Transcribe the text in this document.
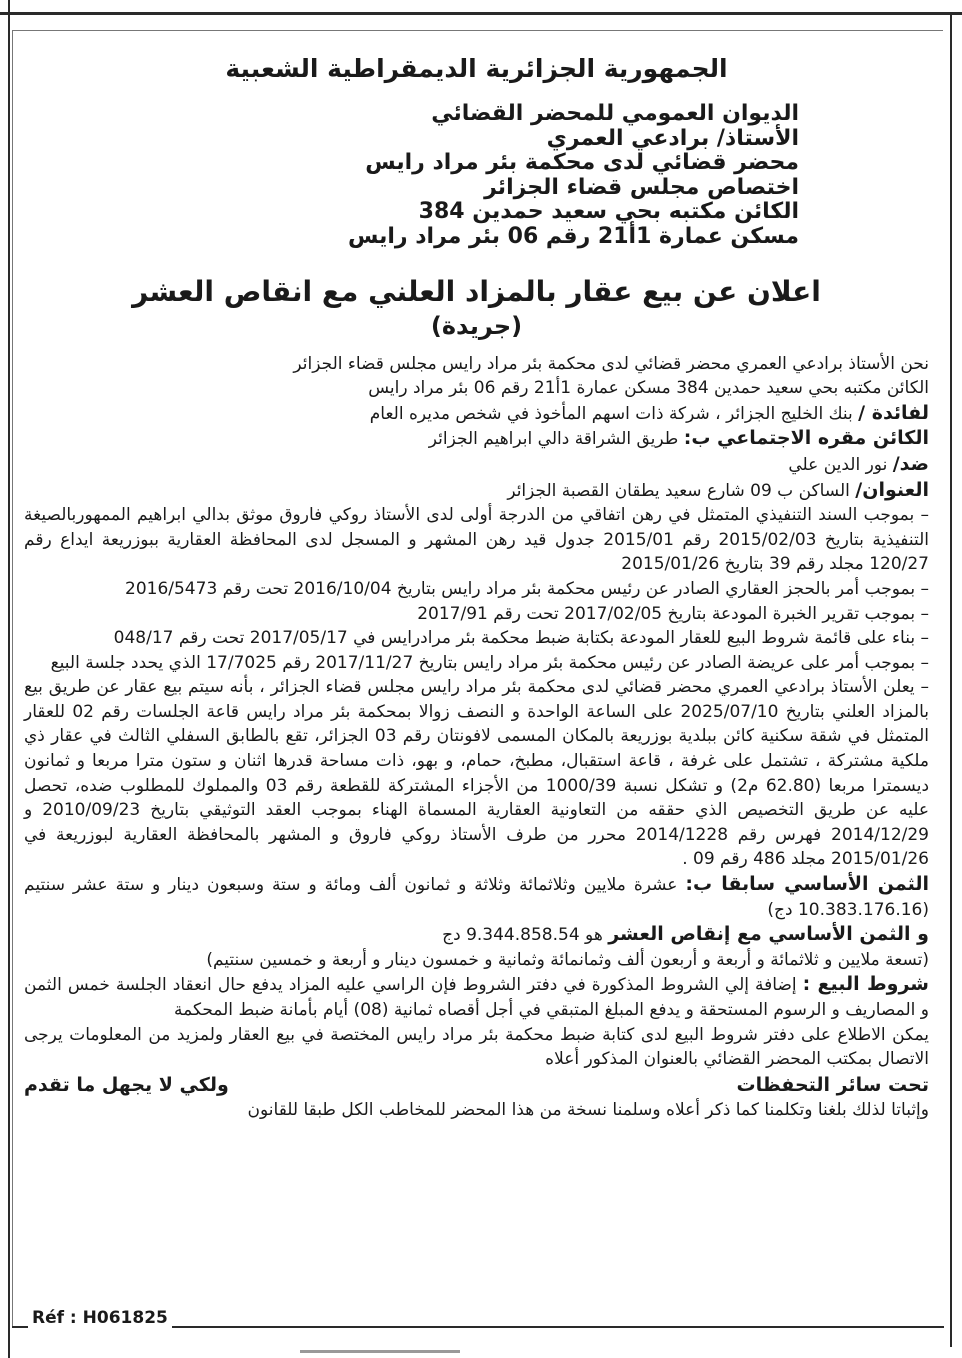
الجمهورية الجزائرية الديمقراطية الشعبية

الديوان العمومي للمحضر القضائي

الأستاذ/ برادعي العمري

محضر قضائي لدى محكمة بئر مراد رايس

اختصاص مجلس قضاء الجزائر

الكائن مكتبه بحي سعيد حمدين 384

مسكن عمارة 1أ21 رقم 06 بئر مراد رايس

اعلان عن بيع عقار بالمزاد العلني مع انقاص العشر
(جريدة)

نحن الأستاذ برادعي العمري محضر قضائي لدى محكمة بئر مراد رايس مجلس قضاء الجزائر

الكائن مكتبه بحي سعيد حمدين 384 مسكن عمارة 1أ21 رقم 06 بئر مراد رايس

لفائدة / بنك الخليج الجزائر ، شركة ذات اسهم المأخوذ في شخص مديره العام

الكائن مقره الاجتماعي ب: طريق الشراقة دالي ابراهيم الجزائر

ضد/ نور الدين علي

العنوان/ الساكن ب 09 شارع سعيد يطقان القصبة الجزائر

– بموجب السند التنفيذي المتمثل في رهن اتفاقي من الدرجة أولى لدى الأستاذ روكي فاروق موثق بدالي ابراهيم الممهوربالصيغة التنفيذية بتاريخ 2015/02/03 رقم 2015/01 جدول قيد رهن المشهر و المسجل لدى المحافظة العقارية ببوزريعة ايداع رقم 120/27 مجلد رقم 39 بتاريخ 2015/01/26

– بموجب أمر بالحجز العقاري الصادر عن رئيس محكمة بئر مراد رايس بتاريخ 2016/10/04 تحت رقم 2016/5473

– بموجب تقرير الخبرة المودعة بتاريخ 2017/02/05 تحت رقم 2017/91

– بناء على قائمة شروط البيع للعقار المودعة بكتابة ضبط محكمة بئر مرادرايس في 2017/05/17 تحت رقم 048/17

– بموجب أمر على عريضة الصادر عن رئيس محكمة بئر مراد رايس بتاريخ 2017/11/27 رقم 17/7025 الذي يحدد جلسة البيع

– يعلن الأستاذ برادعي العمري محضر قضائي لدى محكمة بئر مراد رايس مجلس قضاء الجزائر ، بأنه سيتم بيع عقار عن طريق بيع بالمزاد العلني بتاريخ 2025/07/10 على الساعة الواحدة و النصف زوالا بمحكمة بئر مراد رايس قاعة الجلسات رقم 02 للعقار المتمثل في شقة سكنية كائن ببلدية بوزريعة بالمكان المسمى لافونتان رقم 03 الجزائر، تقع بالطابق السفلي الثالث في عقار ذي ملكية مشتركة ، تشتمل على غرفة ، قاعة استقبال، مطبخ، حمام، و بهو، ذات مساحة قدرها اثنان و ستون مترا مربعا و ثمانون ديسمترا مربعا (62.80 م2) و تشكل نسبة 1000/39 من الأجزاء المشتركة للقطعة رقم 03 والمملوك للمطلوب ضده، تحصل عليه عن طريق التخصيص الذي حققه من التعاونية العقارية المسماة الهناء بموجب العقد التوثيقي بتاريخ 2010/09/23 و 2014/12/29 فهرس رقم 2014/1228 محرر من طرف الأستاذ روكي فاروق و المشهر بالمحافظة العقارية لبوزريعة في 2015/01/26 مجلد 486 رقم 09 .

الثمن الأساسي سابقا ب: عشرة ملايين وثلاثمائة وثلاثة و ثمانون ألف ومائة و ستة وسبعون دينار و ستة عشر سنتيم (10.383.176.16 دج)

و الثمن الأساسي مع إنقاص العشر هو 9.344.858.54 دج

(تسعة ملايين و ثلاثمائة و أربعة و أربعون ألف وثمانمائة وثمانية و خمسون دينار و أربعة و خمسين سنتيم)

شروط البيع : إضافة إلي الشروط المذكورة في دفتر الشروط فإن الراسي عليه المزاد يدفع حال انعقاد الجلسة خمس الثمن و المصاريف و الرسوم المستحقة و يدفع المبلغ المتبقي في أجل أقصاه ثمانية (08) أيام بأمانة ضبط المحكمة

يمكن الاطلاع على دفتر شروط البيع لدى كتابة ضبط محكمة بئر مراد رايس المختصة في بيع العقار ولمزيد من المعلومات يرجى الاتصال بمكتب المحضر القضائي بالعنوان المذكور أعلاه

تحت سائر التحفظات
ولكي لا يجهل ما تقدم

وإثباتا لذلك بلغنا وتكلمنا كما ذكر أعلاه وسلمنا نسخة من هذا المحضر للمخاطب الكل طبقا للقانون

Réf : H061825
